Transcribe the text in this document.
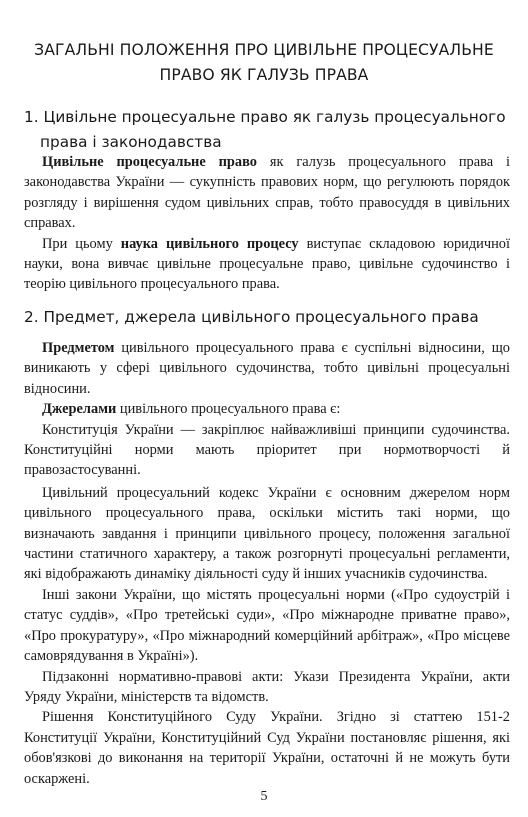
ЗАГАЛЬНІ ПОЛОЖЕННЯ ПРО ЦИВІЛЬНЕ ПРОЦЕСУАЛЬНЕ
ПРАВО ЯК ГАЛУЗЬ ПРАВА
1. Цивільне процесуальне право як галузь процесуального
права і законодавства

Цивільне процесуальне право як галузь процесуального права і законодавства України — сукупність правових норм, що регулюють порядок розгляду і вирішення судом цивільних справ, тобто правосуддя в цивільних справах.

При цьому наука цивільного процесу виступає складовою юридичної науки, вона вивчає цивільне процесуальне право, цивільне судочинство і теорію цивільного процесуального права.

2. Предмет, джерела цивільного процесуального права

Предметом цивільного процесуального права є суспільні відносини, що виникають у сфері цивільного судочинства, тобто цивільні процесуальні відносини.

Джерелами цивільного процесуального права є:

Конституція України — закріплює найважливіші принципи судочинства. Конституційні норми мають пріоритет при нормотворчості й правозастосуванні.

Цивільний процесуальний кодекс України є основним джерелом норм цивільного процесуального права, оскільки містить такі норми, що визначають завдання і принципи цивільного процесу, положення загальної частини статичного характеру, а також розгорнуті процесуальні регламенти, які відображають динаміку діяльності суду й інших учасників судочинства.

Інші закони України, що містять процесуальні норми («Про судоустрій і статус суддів», «Про третейські суди», «Про міжнародне приватне право», «Про прокуратуру», «Про міжнародний комерційний арбітраж», «Про місцеве самоврядування в Україні»).

Підзаконні нормативно-правові акти: Укази Президента України, акти Уряду України, міністерств та відомств.

Рішення Конституційного Суду України. Згідно зі статтею 151-2 Конституції України, Конституційний Суд України постановляє рішення, які обов'язкові до виконання на території України, остаточні й не можуть бути оскаржені.

5
